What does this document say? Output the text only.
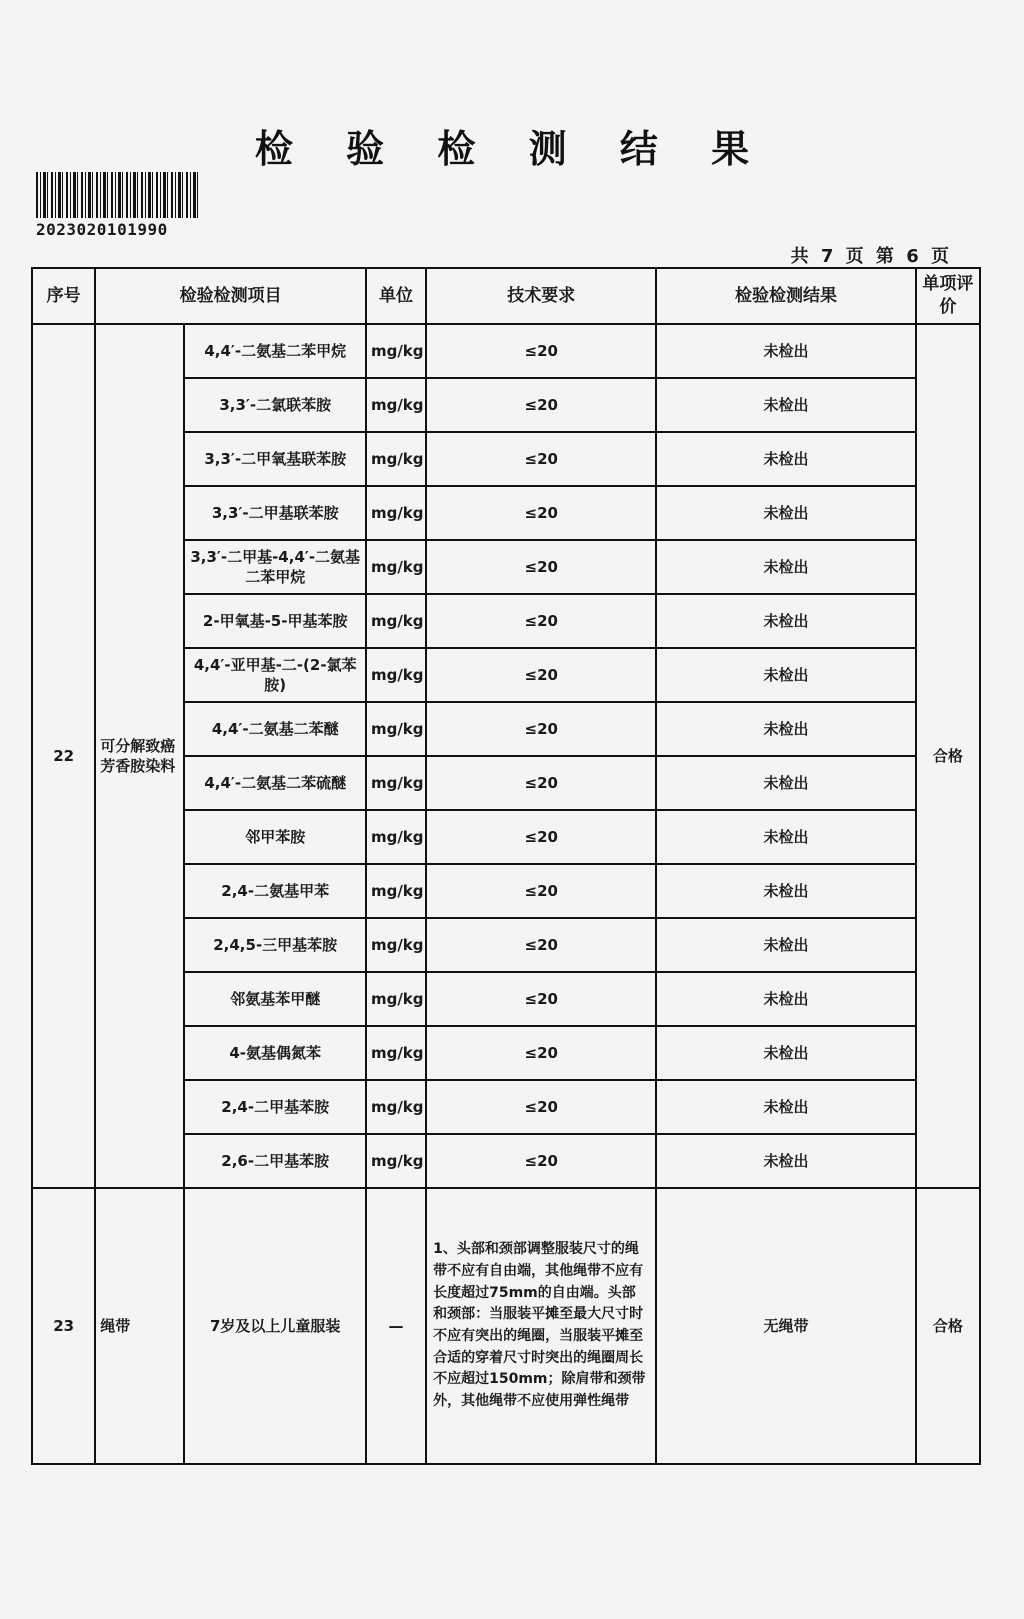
检 验 检 测 结 果
2023020101990
共 7 页 第 6 页
序号	检验检测项目		单位	技术要求	检验检测结果	单项评价
22	可分解致癌芳香胺染料	4,4′-二氨基二苯甲烷	mg/kg	≤20	未检出	合格
		3,3′-二氯联苯胺	mg/kg	≤20	未检出	
		3,3′-二甲氧基联苯胺	mg/kg	≤20	未检出	
		3,3′-二甲基联苯胺	mg/kg	≤20	未检出	
		3,3′-二甲基-4,4′-二氨基二苯甲烷	mg/kg	≤20	未检出	
		2-甲氧基-5-甲基苯胺	mg/kg	≤20	未检出	
		4,4′-亚甲基-二-(2-氯苯胺)	mg/kg	≤20	未检出	
		4,4′-二氨基二苯醚	mg/kg	≤20	未检出	
		4,4′-二氨基二苯硫醚	mg/kg	≤20	未检出	
		邻甲苯胺	mg/kg	≤20	未检出	
		2,4-二氨基甲苯	mg/kg	≤20	未检出	
		2,4,5-三甲基苯胺	mg/kg	≤20	未检出	
		邻氨基苯甲醚	mg/kg	≤20	未检出	
		4-氨基偶氮苯	mg/kg	≤20	未检出	
		2,4-二甲基苯胺	mg/kg	≤20	未检出	
		2,6-二甲基苯胺	mg/kg	≤20	未检出	
23	绳带	7岁及以上儿童服装	—	1、头部和颈部调整服装尺寸的绳带不应有自由端，其他绳带不应有长度超过75mm的自由端。头部和颈部：当服装平摊至最大尺寸时不应有突出的绳圈，当服装平摊至合适的穿着尺寸时突出的绳圈周长不应超过150mm；除肩带和颈带外，其他绳带不应使用弹性绳带	无绳带	合格
